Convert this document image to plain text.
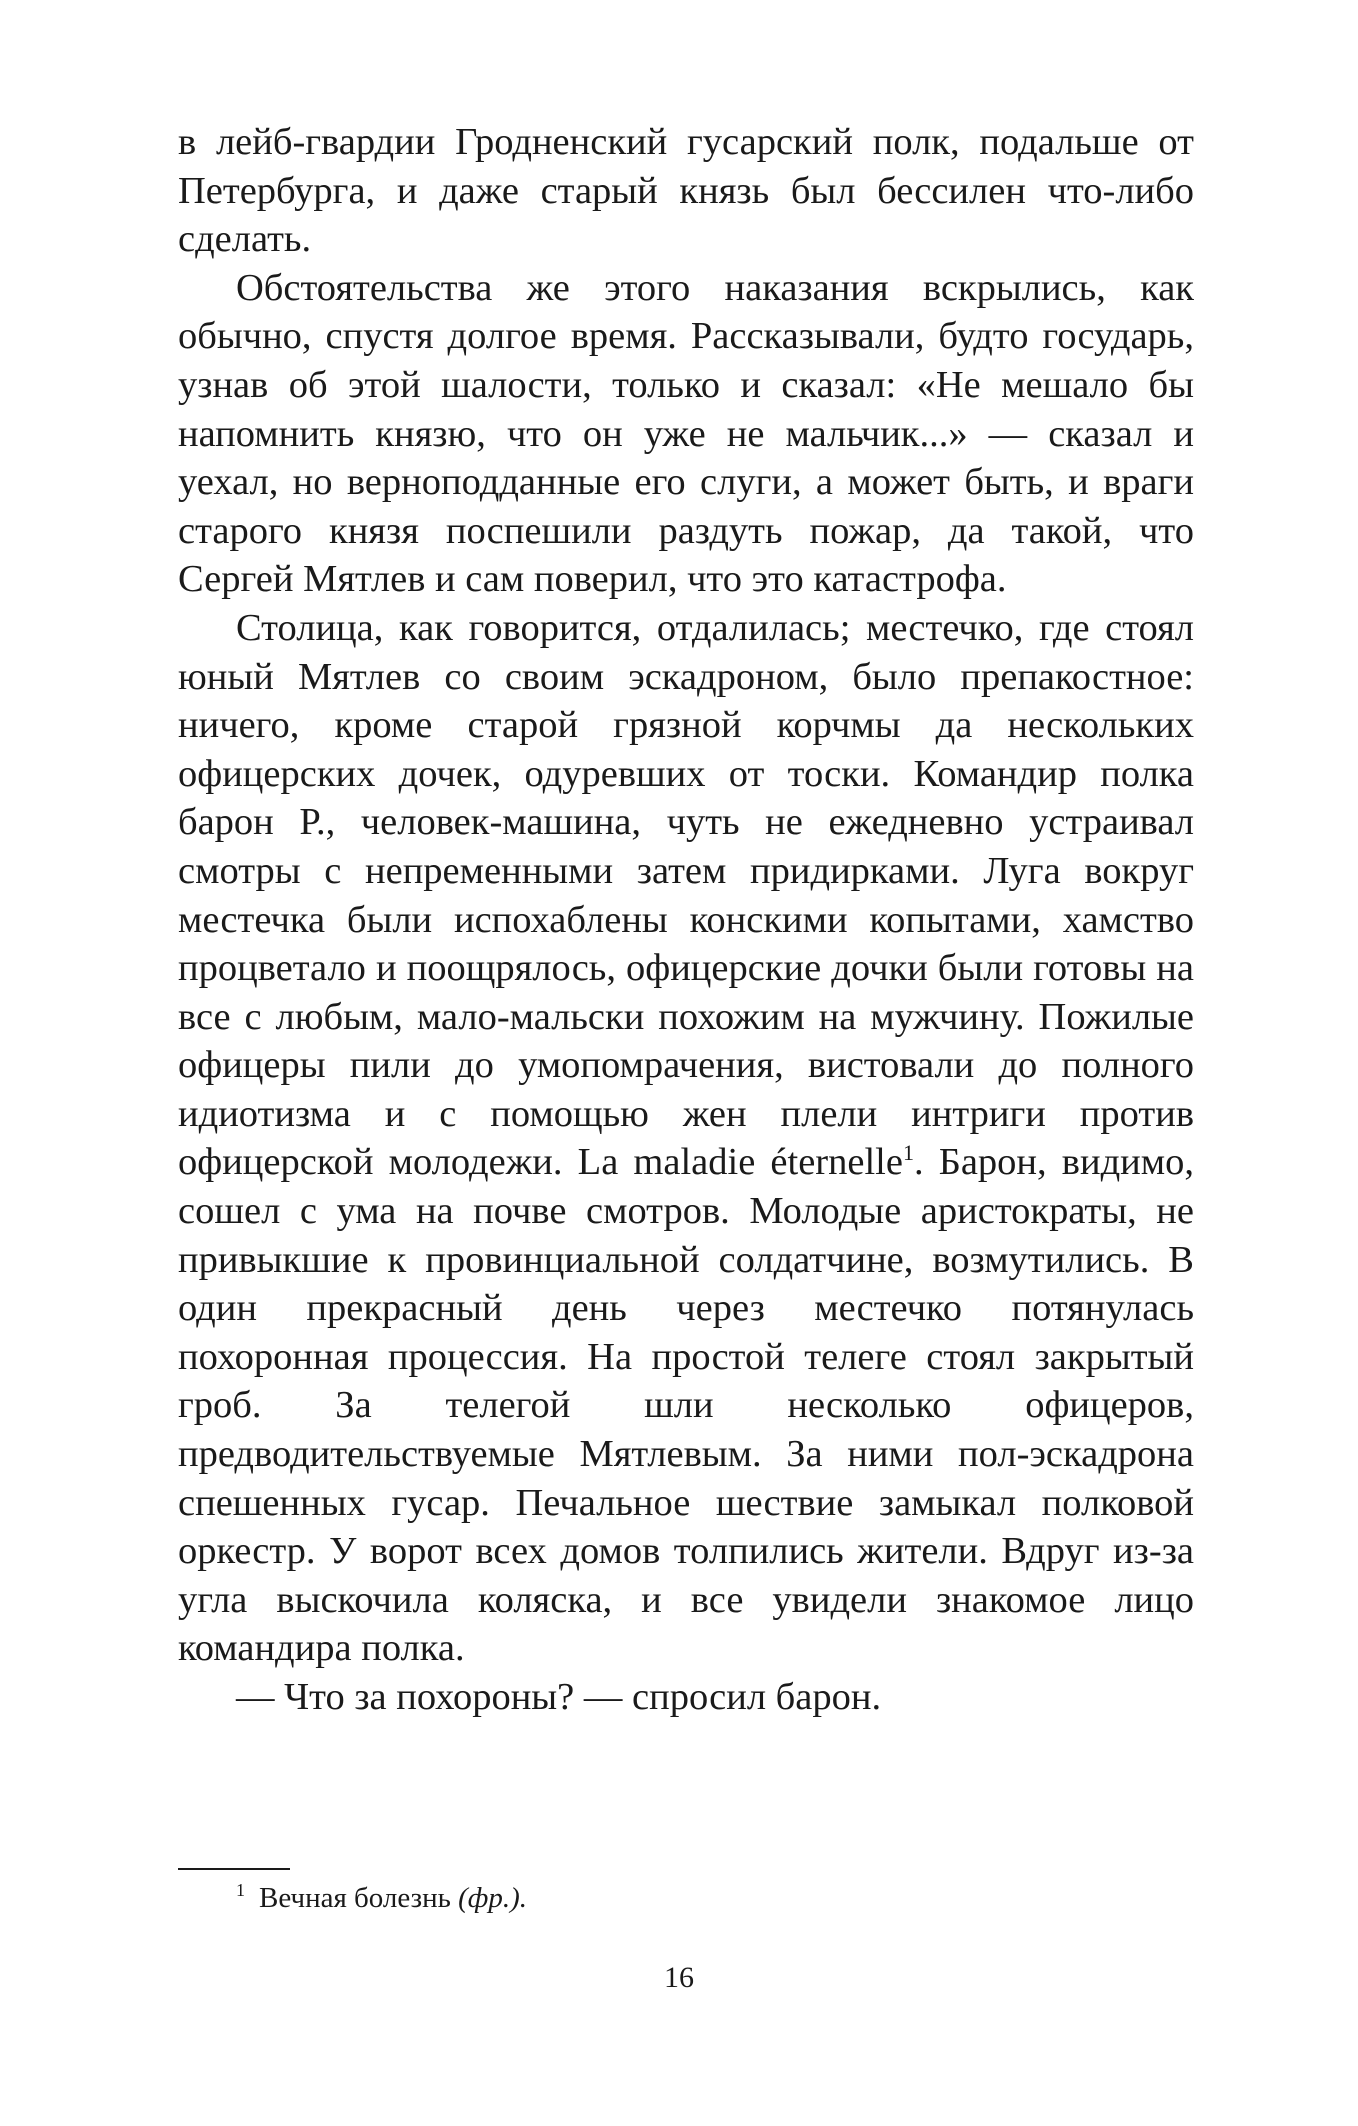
в лейб-гвардии Гродненский гусарский полк, подальше от Петербурга, и даже старый князь был бессилен что-либо сделать.

Обстоятельства же этого наказания вскрылись, как обычно, спустя долгое время. Рассказывали, будто государь, узнав об этой шалости, только и сказал: «Не мешало бы напомнить князю, что он уже не мальчик...» — сказал и уехал, но верноподданные его слуги, а может быть, и враги старого князя поспешили раздуть пожар, да такой, что Сергей Мятлев и сам поверил, что это катастрофа.

Столица, как говорится, отдалилась; местечко, где стоял юный Мятлев со своим эскадроном, было препакостное: ничего, кроме старой грязной корчмы да нескольких офицерских дочек, одуревших от тоски. Командир полка барон Р., человек-машина, чуть не ежедневно устраивал смотры с непременными затем придирками. Луга вокруг местечка были испохаблены конскими копытами, хамство процветало и поощрялось, офицерские дочки были готовы на все с любым, мало-мальски похожим на мужчину. Пожилые офицеры пили до умопомрачения, вистовали до полного идиотизма и с помощью жен плели интриги против офицерской молодежи. La maladie éternelle$^1$. Барон, видимо, сошел с ума на почве смотров. Молодые аристократы, не привыкшие к провинциальной солдатчине, возмутились. В один прекрасный день через местечко потянулась похоронная процессия. На простой телеге стоял закрытый гроб. За телегой шли несколько офицеров, предводительствуемые Мятлевым. За ними пол-эскадрона спешенных гусар. Печальное шествие замыкал полковой оркестр. У ворот всех домов толпились жители. Вдруг из-за угла выскочила коляска, и все увидели знакомое лицо командира полка.

— Что за похороны? — спросил барон.

$^1$ Вечная болезнь (фр.).
16
